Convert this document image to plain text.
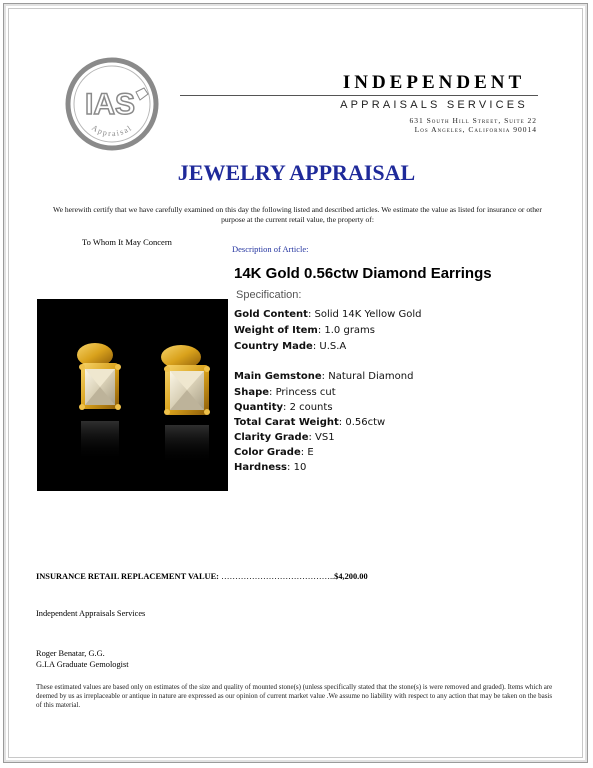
IAS
Appraisal
INDEPENDENT
APPRAISALS SERVICES
631 South Hill Street, Suite 22
Los Angeles, California 90014
JEWELRY APPRAISAL
We herewith certify that we have carefully examined on this day the following listed and described articles. We estimate the value as listed for insurance or other purpose at the current retail value, the property of:
To Whom It May Concern
Description of Article:
14K Gold 0.56ctw Diamond Earrings
Specification:
Gold Content: Solid 14K Yellow Gold
Weight of Item: 1.0 grams
Country Made: U.S.A
Main Gemstone: Natural Diamond
Shape: Princess cut
Quantity: 2 counts
Total Carat Weight: 0.56ctw
Clarity Grade: VS1
Color Grade: E
Hardness: 10
INSURANCE RETAIL REPLACEMENT VALUE: …………………………………..$4,200.00
Independent Appraisals Services
Roger Benatar, G.G.
G.I.A Graduate Gemologist
These estimated values are based only on estimates of the size and quality of mounted stone(s) (unless specifically stated that the stone(s) is were removed and graded). Items which are deemed by us as irreplaceable or antique in nature are expressed as our opinion of current market value .We assume no liability with respect to any action that may be taken on the basis of this material.
